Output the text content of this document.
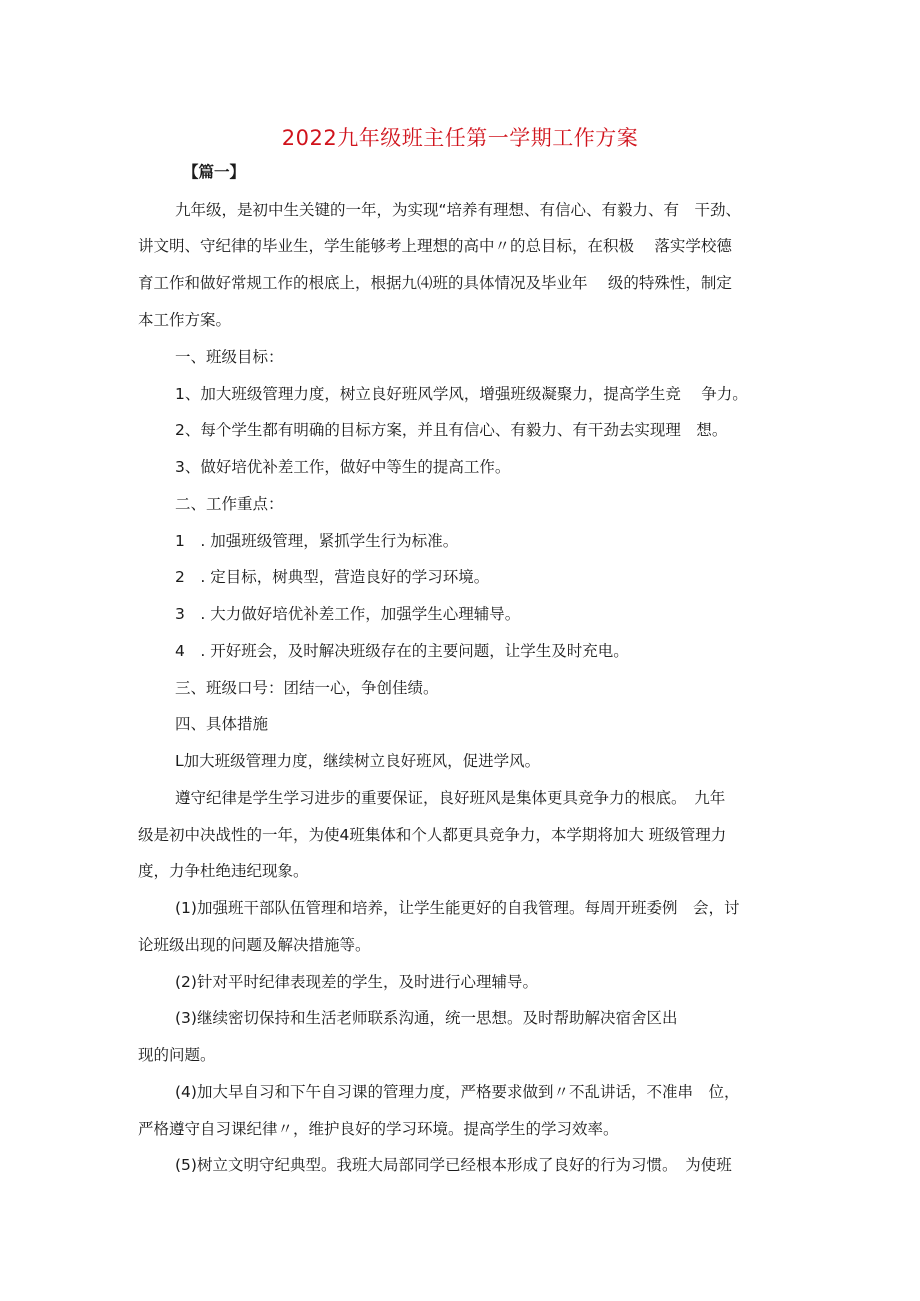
2022九年级班主任第一学期工作方案
【篇一】
九年级，是初中生关键的一年，为实现“培养有理想、有信心、有毅力、有　干劲、
讲文明、守纪律的毕业生，学生能够考上理想的高中〃的总目标，在积极　 落实学校德
育工作和做好常规工作的根底上，根据九⑷班的具体情况及毕业年　 级的特殊性，制定
本工作方案。
一、班级目标：
1、加大班级管理力度，树立良好班风学风，增强班级凝聚力，提高学生竞　 争力。
2、每个学生都有明确的目标方案，并且有信心、有毅力、有干劲去实现理　想。
3、做好培优补差工作，做好中等生的提高工作。
二、工作重点：
1　. 加强班级管理，紧抓学生行为标准。
2　. 定目标，树典型，营造良好的学习环境。
3　. 大力做好培优补差工作，加强学生心理辅导。
4　. 开好班会，及时解决班级存在的主要问题，让学生及时充电。
三、班级口号：团结一心，争创佳绩。
四、具体措施
L加大班级管理力度，继续树立良好班风，促进学风。
遵守纪律是学生学习进步的重要保证，良好班风是集体更具竞争力的根底。　九年
级是初中决战性的一年，为使4班集体和个人都更具竞争力，本学期将加大 班级管理力
度，力争杜绝违纪现象。
(1)加强班干部队伍管理和培养，让学生能更好的自我管理。每周开班委例　会，讨
论班级出现的问题及解决措施等。
(2)针对平时纪律表现差的学生，及时进行心理辅导。
(3)继续密切保持和生活老师联系沟通，统一思想。及时帮助解决宿舍区出
现的问题。
(4)加大早自习和下午自习课的管理力度，严格要求做到〃不乱讲话，不准串　位，
严格遵守自习课纪律〃，维护良好的学习环境。提高学生的学习效率。
(5)树立文明守纪典型。我班大局部同学已经根本形成了良好的行为习惯。　为使班
